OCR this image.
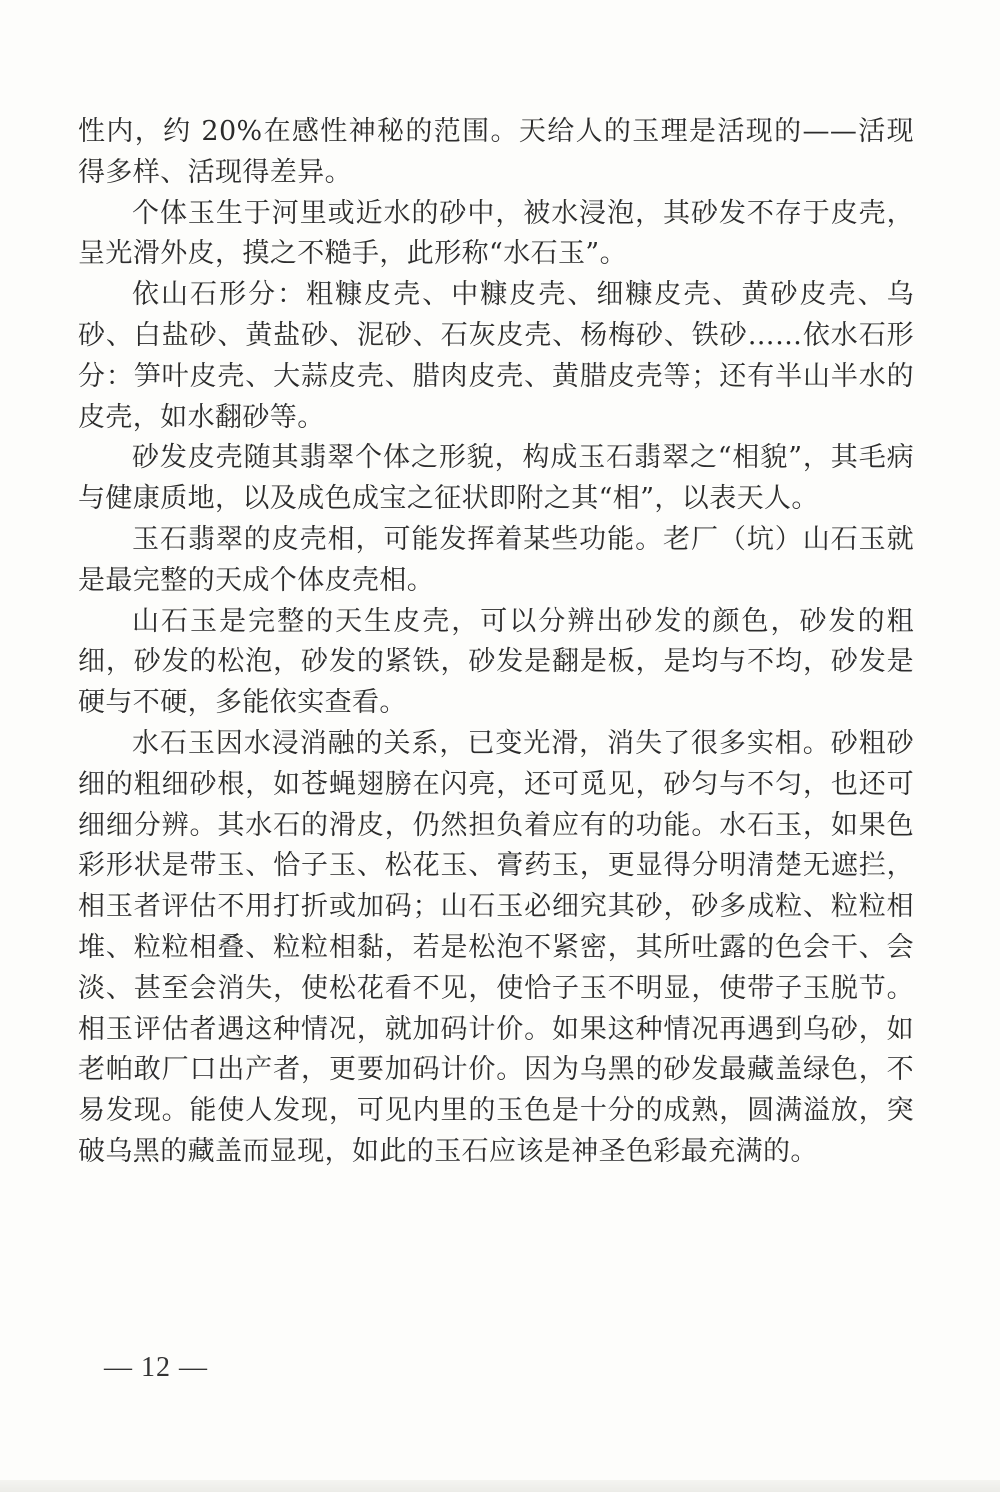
性内，约 20%在感性神秘的范围。天给人的玉理是活现的——活现得多样、活现得差异。

个体玉生于河里或近水的砂中，被水浸泡，其砂发不存于皮壳，呈光滑外皮，摸之不糙手，此形称“水石玉”。

依山石形分：粗糠皮壳、中糠皮壳、细糠皮壳、黄砂皮壳、乌砂、白盐砂、黄盐砂、泥砂、石灰皮壳、杨梅砂、铁砂……依水石形分：笋叶皮壳、大蒜皮壳、腊肉皮壳、黄腊皮壳等；还有半山半水的皮壳，如水翻砂等。

砂发皮壳随其翡翠个体之形貌，构成玉石翡翠之“相貌”，其毛病与健康质地，以及成色成宝之征状即附之其“相”，以表天人。

玉石翡翠的皮壳相，可能发挥着某些功能。老厂（坑）山石玉就是最完整的天成个体皮壳相。

山石玉是完整的天生皮壳，可以分辨出砂发的颜色，砂发的粗细，砂发的松泡，砂发的紧铁，砂发是翻是板，是均与不均，砂发是硬与不硬，多能依实查看。

水石玉因水浸消融的关系，已变光滑，消失了很多实相。砂粗砂细的粗细砂根，如苍蝇翅膀在闪亮，还可觅见，砂匀与不匀，也还可细细分辨。其水石的滑皮，仍然担负着应有的功能。水石玉，如果色彩形状是带玉、恰子玉、松花玉、膏药玉，更显得分明清楚无遮拦，相玉者评估不用打折或加码；山石玉必细究其砂，砂多成粒、粒粒相堆、粒粒相叠、粒粒相黏，若是松泡不紧密，其所吐露的色会干、会淡、甚至会消失，使松花看不见，使恰子玉不明显，使带子玉脱节。相玉评估者遇这种情况，就加码计价。如果这种情况再遇到乌砂，如老帕敢厂口出产者，更要加码计价。因为乌黑的砂发最藏盖绿色，不易发现。能使人发现，可见内里的玉色是十分的成熟，圆满溢放，突破乌黑的藏盖而显现，如此的玉石应该是神圣色彩最充满的。

— 12 —
